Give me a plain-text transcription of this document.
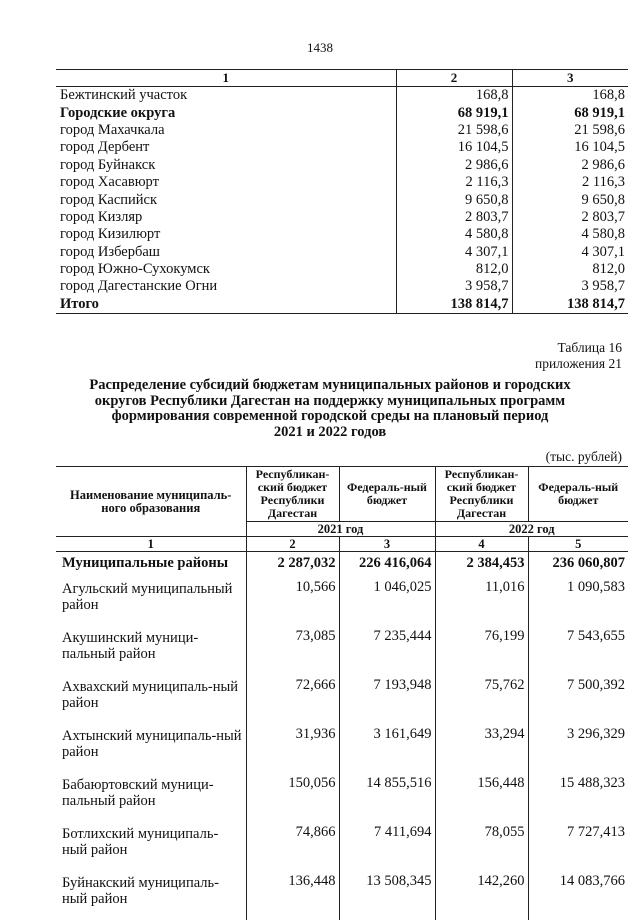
1438
1	2	3
Бежтинский участок	168,8	168,8
Городские округа	68 919,1	68 919,1
город Махачкала	21 598,6	21 598,6
город Дербент	16 104,5	16 104,5
город Буйнакск	2 986,6	2 986,6
город Хасавюрт	2 116,3	2 116,3
город Каспийск	9 650,8	9 650,8
город Кизляр	2 803,7	2 803,7
город Кизилюрт	4 580,8	4 580,8
город Избербаш	4 307,1	4 307,1
город Южно-Сухокумск	812,0	812,0
город Дагестанские Огни	3 958,7	3 958,7
Итого	138 814,7	138 814,7
Таблица 16
приложения 21
Распределение субсидий бюджетам муниципальных районов и городских
округов Республики Дагестан на поддержку муниципальных программ
формирования современной городской среды на плановый период
2021 и 2022 годов
(тыс. рублей)
Наименование муниципаль-ного образования	Республикан-ский бюджет Республики Дагестан	Федераль-ный бюджет	Республикан-ский бюджет Республики Дагестан	Федераль-ный бюджет
	2021 год		2022 год	
1	2	3	4	5
Муниципальные районы	2 287,032	226 416,064	2 384,453	236 060,807
Агульский муниципальный район	10,566	1 046,025	11,016	1 090,583
Акушинский муници-пальный район	73,085	7 235,444	76,199	7 543,655
Ахвахский муниципаль-ный район	72,666	7 193,948	75,762	7 500,392
Ахтынский муниципаль-ный район	31,936	3 161,649	33,294	3 296,329
Бабаюртовский муници-пальный район	150,056	14 855,516	156,448	15 488,323
Ботлихский муниципаль-ный район	74,866	7 411,694	78,055	7 727,413
Буйнакский муниципаль-ный район	136,448	13 508,345	142,260	14 083,766
